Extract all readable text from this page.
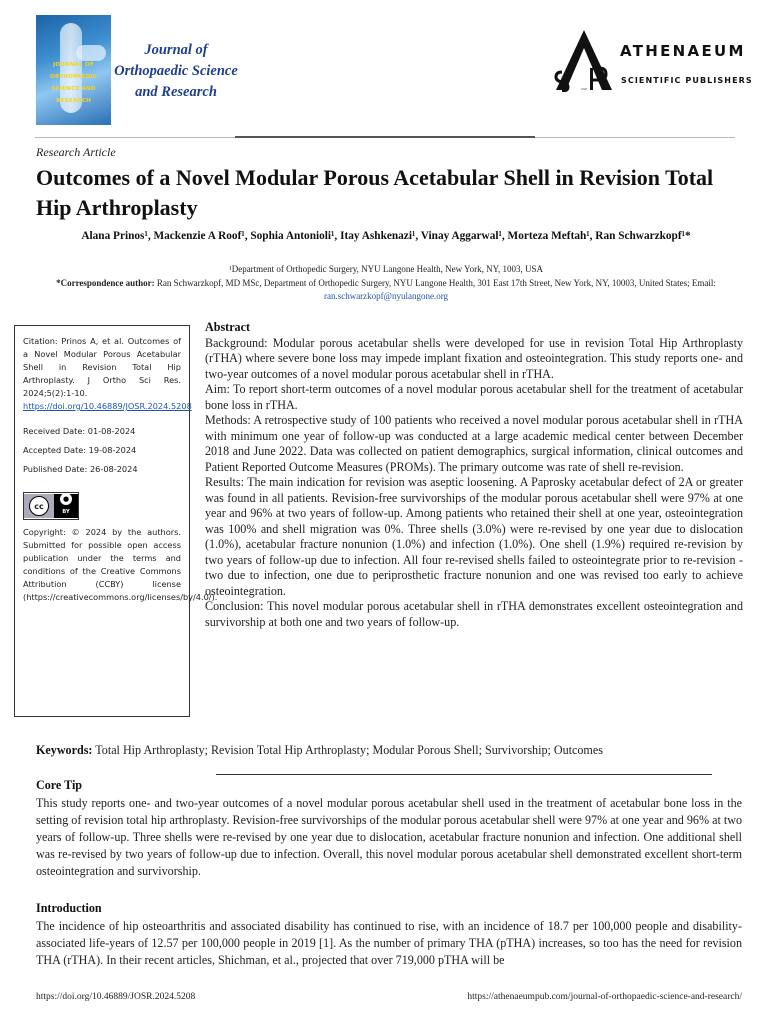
JOURNAL OF ORTHOPAEDIC SCIENCE AND RESEARCH
Journal of
Orthopaedic Science
and Research	ASP
ATHENAEUM
SCIENTIFIC PUBLISHERS
Research Article
Outcomes of a Novel Modular Porous Acetabular Shell in Revision Total Hip Arthroplasty
Alana Prinos¹, Mackenzie A Roof¹, Sophia Antonioli¹, Itay Ashkenazi¹, Vinay Aggarwal¹, Morteza Meftah¹, Ran Schwarzkopf¹*
¹Department of Orthopedic Surgery, NYU Langone Health, New York, NY, 1003, USA
*Correspondence author: Ran Schwarzkopf, MD MSc, Department of Orthopedic Surgery, NYU Langone Health, 301 East 17th Street, New York, NY, 10003, United States; Email: ran.schwarzkopf@nyulangone.org
Citation: Prinos A, et al. Outcomes of a Novel Modular Porous Acetabular Shell in Revision Total Hip Arthroplasty. J Ortho Sci Res. 2024;5(2):1-10. https://doi.org/10.46889/JOSR.2024.5208
Received Date: 01-08-2024
Accepted Date: 19-08-2024
Published Date: 26-08-2024
cc
●
BY
Copyright: © 2024 by the authors. Submitted for possible open access publication under the terms and conditions of the Creative Commons Attribution (CCBY) license (https://creativecommons.org/licenses/by/4.0/).

Abstract

Background: Modular porous acetabular shells were developed for use in revision Total Hip Arthroplasty (rTHA) where severe bone loss may impede implant fixation and osteointegration. This study reports one- and two-year outcomes of a novel modular porous acetabular shell in rTHA.

Aim: To report short-term outcomes of a novel modular porous acetabular shell for the treatment of acetabular bone loss in rTHA.

Methods: A retrospective study of 100 patients who received a novel modular porous acetabular shell in rTHA with minimum one year of follow-up was conducted at a large academic medical center between December 2018 and June 2022. Data was collected on patient demographics, surgical information, clinical outcomes and Patient Reported Outcome Measures (PROMs). The primary outcome was rate of shell re-revision.

Results: The main indication for revision was aseptic loosening. A Paprosky acetabular defect of 2A or greater was found in all patients. Revision-free survivorships of the modular porous acetabular shell were 97% at one year and 96% at two years of follow-up. Among patients who retained their shell at one year, osteointegration was 100% and shell migration was 0%. Three shells (3.0%) were re-revised by one year due to dislocation (1.0%), acetabular fracture nonunion (1.0%) and infection (1.0%). One shell (1.9%) required re-revision by two years of follow-up due to infection. All four re-revised shells failed to osteointegrate prior to re-revision - two due to infection, one due to periprosthetic fracture nonunion and one was revised too early to achieve osteointegration.

Conclusion: This novel modular porous acetabular shell in rTHA demonstrates excellent osteointegration and survivorship at both one and two years of follow-up.

Keywords: Total Hip Arthroplasty; Revision Total Hip Arthroplasty; Modular Porous Shell; Survivorship; Outcomes
Core Tip
This study reports one- and two-year outcomes of a novel modular porous acetabular shell used in the treatment of acetabular bone loss in the setting of revision total hip arthroplasty. Revision-free survivorships of the modular porous acetabular shell were 97% at one year and 96% at two years of follow-up. Three shells were re-revised by one year due to dislocation, acetabular fracture nonunion and infection. One additional shell was re-revised by two years of follow-up due to infection. Overall, this novel modular porous acetabular shell demonstrated excellent short-term osteointegration and survivorship.
Introduction
The incidence of hip osteoarthritis and associated disability has continued to rise, with an incidence of 18.7 per 100,000 people and disability-associated life-years of 12.57 per 100,000 people in 2019 [1]. As the number of primary THA (pTHA) increases, so too has the need for revision THA (rTHA). In their recent articles, Shichman, et al., projected that over 719,000 pTHA will be
https://doi.org/10.46889/JOSR.2024.5208	https://athenaeumpub.com/journal-of-orthopaedic-science-and-research/
